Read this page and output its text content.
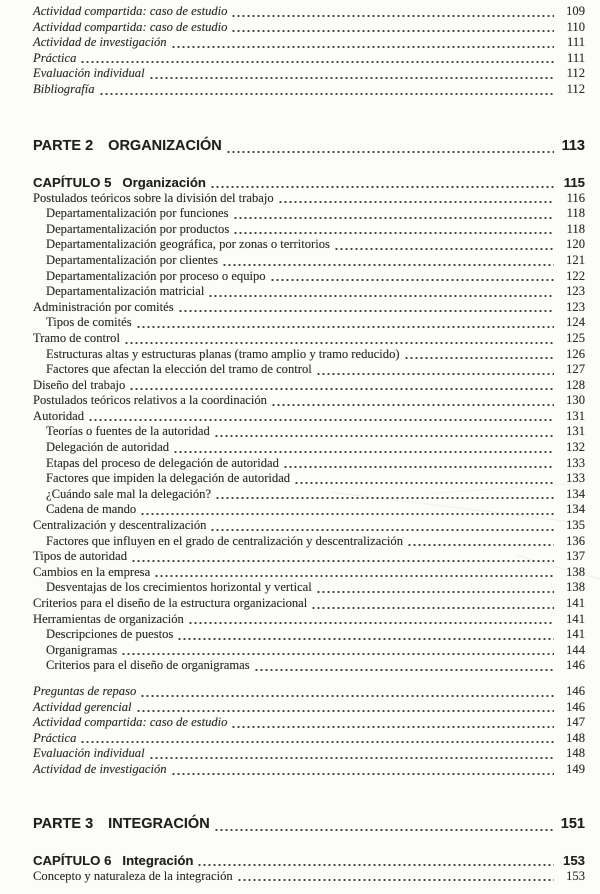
Actividad compartida: caso de estudio	109
Actividad compartida: caso de estudio	110
Actividad de investigación	111
Práctica	111
Evaluación individual	112
Bibliografía	112
PARTE 2 ORGANIZACIÓN	113
CAPÍTULO 5 Organización	115
Postulados teóricos sobre la división del trabajo	116
Departamentalización por funciones	118
Departamentalización por productos	118
Departamentalización geográfica, por zonas o territorios	120
Departamentalización por clientes	121
Departamentalización por proceso o equipo	122
Departamentalización matricial	123
Administración por comités	123
Tipos de comités	124
Tramo de control	125
Estructuras altas y estructuras planas (tramo amplio y tramo reducido)	126
Factores que afectan la elección del tramo de control	127
Diseño del trabajo	128
Postulados teóricos relativos a la coordinación	130
Autoridad	131
Teorías o fuentes de la autoridad	131
Delegación de autoridad	132
Etapas del proceso de delegación de autoridad	133
Factores que impiden la delegación de autoridad	133
¿Cuándo sale mal la delegación?	134
Cadena de mando	134
Centralización y descentralización	135
Factores que influyen en el grado de centralización y descentralización	136
Tipos de autoridad	137
Cambios en la empresa	138
Desventajas de los crecimientos horizontal y vertical	138
Criterios para el diseño de la estructura organizacional	141
Herramientas de organización	141
Descripciones de puestos	141
Organigramas	144
Criterios para el diseño de organigramas	146
Preguntas de repaso	146
Actividad gerencial	146
Actividad compartida: caso de estudio	147
Práctica	148
Evaluación individual	148
Actividad de investigación	149
PARTE 3 INTEGRACIÓN	151
CAPÍTULO 6 Integración	153
Concepto y naturaleza de la integración	153
